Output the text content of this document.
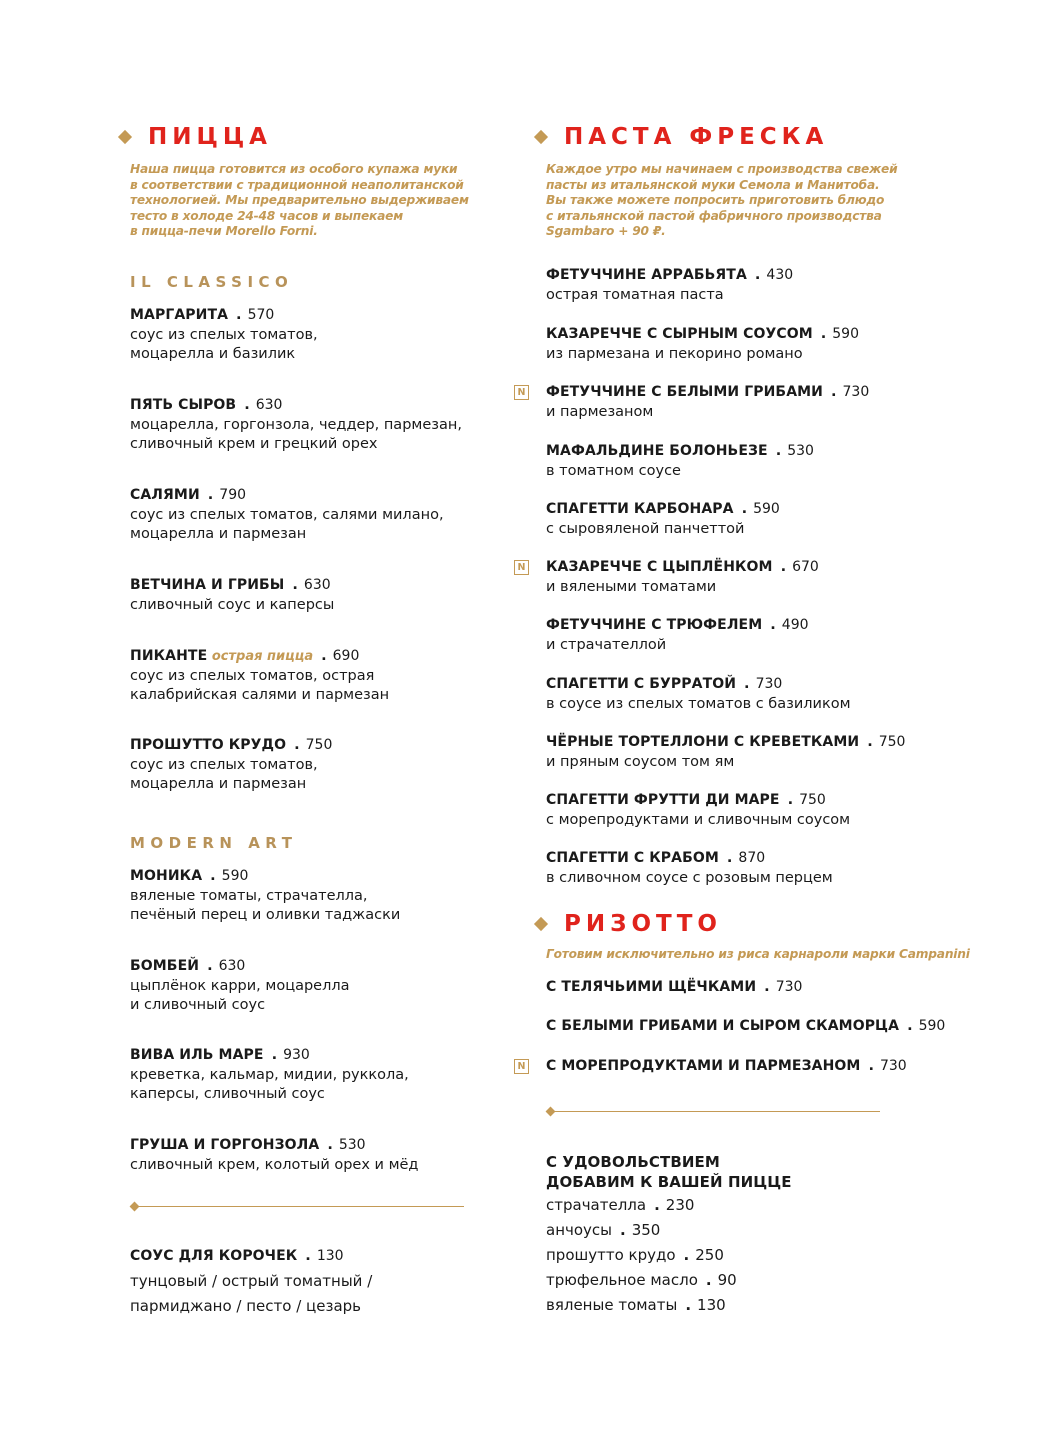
ПИЦЦА
Наша пицца готовится из особого купажа муки
в соответствии с традиционной неаполитанской
технологией. Мы предварительно выдерживаем
тесто в холоде 24-48 часов и выпекаем
в пицца-печи Morello Forni.
IL CLASSICO
МАРГАРИТА . 570
соус из спелых томатов,
моцарелла и базилик
ПЯТЬ СЫРОВ . 630
моцарелла, горгонзола, чеддер, пармезан,
сливочный крем и грецкий орех
САЛЯМИ . 790
соус из спелых томатов, салями милано,
моцарелла и пармезан
ВЕТЧИНА И ГРИБЫ . 630
сливочный соус и каперсы
ПИКАНТЕ острая пицца . 690
соус из спелых томатов, острая
калабрийская салями и пармезан
ПРОШУТТО КРУДО . 750
соус из спелых томатов,
моцарелла и пармезан
MODERN ART
МОНИКА . 590
вяленые томаты, страчателла,
печёный перец и оливки таджаски
БОМБЕЙ . 630
цыплёнок карри, моцарелла
и сливочный соус
ВИВА ИЛЬ МАРЕ . 930
креветка, кальмар, мидии, руккола,
каперсы, сливочный соус
ГРУША И ГОРГОНЗОЛА . 530
сливочный крем, колотый орех и мёд
СОУС ДЛЯ КОРОЧЕК . 130
тунцовый / острый томатный /
пармиджано / песто / цезарь
ПАСТА ФРЕСКА
Каждое утро мы начинаем с производства свежей
пасты из итальянской муки Семола и Манитоба.
Вы также можете попросить приготовить блюдо
с итальянской пастой фабричного производства
Sgambaro + 90 ₽.
ФЕТУЧЧИНЕ АРРАБЬЯТА . 430
острая томатная паста
КАЗАРЕЧЧЕ С СЫРНЫМ СОУСОМ . 590
из пармезана и пекорино романо
N ФЕТУЧЧИНЕ С БЕЛЫМИ ГРИБАМИ . 730
и пармезаном
МАФАЛЬДИНЕ БОЛОНЬЕЗЕ . 530
в томатном соусе
СПАГЕТТИ КАРБОНАРА . 590
с сыровяленой панчеттой
N КАЗАРЕЧЧЕ С ЦЫПЛЁНКОМ . 670
и вялеными томатами
ФЕТУЧЧИНЕ С ТРЮФЕЛЕМ . 490
и страчателлой
СПАГЕТТИ С БУРРАТОЙ . 730
в соусе из спелых томатов с базиликом
ЧЁРНЫЕ ТОРТЕЛЛОНИ С КРЕВЕТКАМИ . 750
и пряным соусом том ям
СПАГЕТТИ ФРУТТИ ДИ МАРЕ . 750
с морепродуктами и сливочным соусом
СПАГЕТТИ С КРАБОМ . 870
в сливочном соусе с розовым перцем
РИЗОТТО
Готовим исключительно из риса карнароли марки Campanini
С ТЕЛЯЧЬИМИ ЩЁЧКАМИ . 730
С БЕЛЫМИ ГРИБАМИ И СЫРОМ СКАМОРЦА . 590
N С МОРЕПРОДУКТАМИ И ПАРМЕЗАНОМ . 730
С УДОВОЛЬСТВИЕМ
ДОБАВИМ К ВАШЕЙ ПИЦЦЕ
страчателла . 230
анчоусы . 350
прошутто крудо . 250
трюфельное масло . 90
вяленые томаты . 130
